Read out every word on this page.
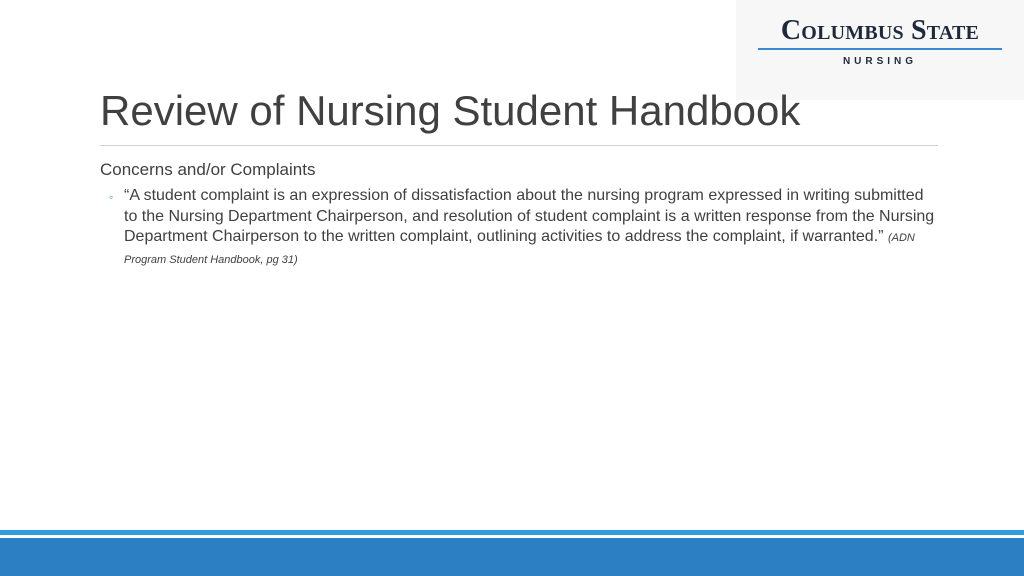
Columbus State
NURSING
Review of Nursing Student Handbook

Concerns and/or Complaints

◦ “A student complaint is an expression of dissatisfaction about the nursing program expressed in writing submitted to the Nursing Department Chairperson, and resolution of student complaint is a written response from the Nursing Department Chairperson to the written complaint, outlining activities to address the complaint, if warranted.” (ADN Program Student Handbook, pg 31)
